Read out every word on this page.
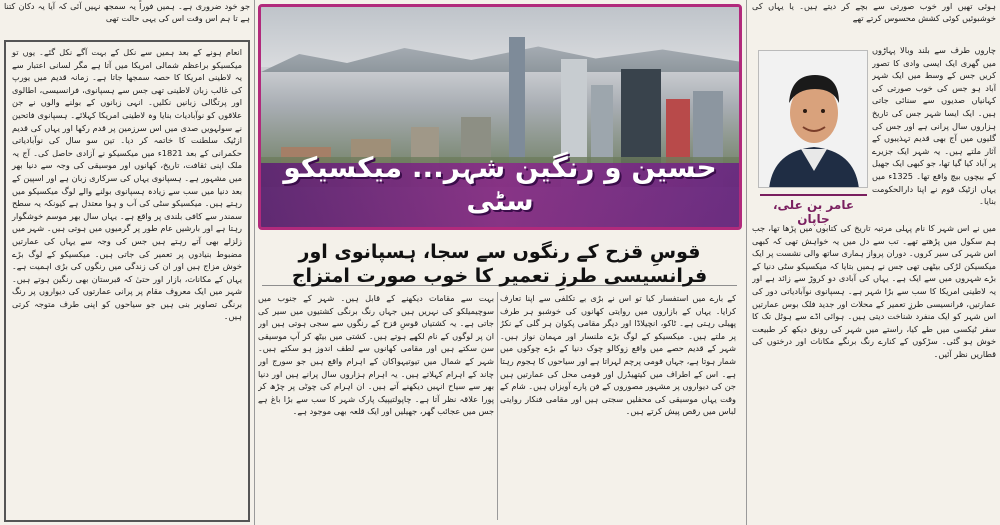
جو خود ضروری ہے۔ ہمیں فوراً یہ سمجھ نہیں آئی کہ آیا یہ دکان کتنا ہے تا ہم اس وقت اس کی یہی حالت تھی
ہوئی تھیں اور خوب صورتی سے بچے کر دیتے ہیں۔ یا یہاں کی خوشبوئیں کوئی کشش محسوس کرتے تھے
انعام ہونے کے بعد ہمیں سے نکل کے بہت آگے نکل گئے۔ یوں تو میکسیکو براعظم شمالی امریکا میں آتا ہے مگر لسانی اعتبار سے یہ لاطینی امریکا کا حصہ سمجھا جاتا ہے۔ زمانہ قدیم میں یورپ کی غالب زبان لاطینی تھی جس سے ہسپانوی، فرانسیسی، اطالوی اور پرتگالی زبانیں نکلیں۔ انہی زبانوں کے بولنے والوں نے جن علاقوں کو نوآبادیات بنایا وہ لاطینی امریکا کہلائے۔ ہسپانوی فاتحین نے سولہویں صدی میں اس سرزمین پر قدم رکھا اور یہاں کی قدیم ازٹیک سلطنت کا خاتمہ کر دیا۔ تین سو سال کی نوآبادیاتی حکمرانی کے بعد 1821ء میں میکسیکو نے آزادی حاصل کی۔ آج یہ ملک اپنی ثقافت، تاریخ، کھانوں اور موسیقی کی وجہ سے دنیا بھر میں مشہور ہے۔ ہسپانوی یہاں کی سرکاری زبان ہے اور اسپین کے بعد دنیا میں سب سے زیادہ ہسپانوی بولنے والے لوگ میکسیکو میں رہتے ہیں۔ میکسیکو سٹی کی آب و ہوا معتدل ہے کیونکہ یہ سطح سمندر سے کافی بلندی پر واقع ہے۔ یہاں سال بھر موسم خوشگوار رہتا ہے اور بارشیں عام طور پر گرمیوں میں ہوتی ہیں۔ شہر میں زلزلے بھی آتے رہتے ہیں جس کی وجہ سے یہاں کی عمارتیں مضبوط بنیادوں پر تعمیر کی جاتی ہیں۔ میکسیکو کے لوگ بڑے خوش مزاج ہیں اور ان کی زندگی میں رنگوں کی بڑی اہمیت ہے۔ یہاں کے مکانات، بازار اور حتیٰ کہ قبرستان بھی رنگین ہوتے ہیں۔ شہر میں ایک معروف مقام پر پرانی عمارتوں کی دیواروں پر رنگ برنگی تصاویر بنی ہیں جو سیاحوں کو اپنی طرف متوجہ کرتی ہیں۔
حسین و رنگین شہر... میکسیکو سٹی
قوسِ قزح کے رنگوں سے سجا، ہسپانوی اور فرانسیسی طرزِ تعمیر کا خوب صورت امتزاج
کے بارے میں استفسار کیا تو اس نے بڑی بے تکلفی سے اپنا تعارف کرایا۔ یہاں کے بازاروں میں روایتی کھانوں کی خوشبو ہر طرف پھیلی رہتی ہے۔ ٹاکو، انچیلاڈا اور دیگر مقامی پکوان ہر گلی کے نکڑ پر ملتے ہیں۔ میکسیکو کے لوگ بڑے ملنسار اور مہمان نواز ہیں۔ شہر کے قدیم حصے میں واقع زوکالو چوک دنیا کے بڑے چوکوں میں شمار ہوتا ہے، جہاں قومی پرچم لہراتا ہے اور سیاحوں کا ہجوم رہتا ہے۔ اس کے اطراف میں کیتھیڈرل اور قومی محل کی عمارتیں ہیں جن کی دیواروں پر مشہور مصوروں کے فن پارے آویزاں ہیں۔ شام کے وقت یہاں موسیقی کی محفلیں سجتی ہیں اور مقامی فنکار روایتی لباس میں رقص پیش کرتے ہیں۔
بہت سے مقامات دیکھنے کے قابل ہیں۔ شہر کے جنوب میں سوچیمیلکو کی نہریں ہیں جہاں رنگ برنگی کشتیوں میں سیر کی جاتی ہے۔ یہ کشتیاں قوسِ قزح کے رنگوں سے سجی ہوتی ہیں اور ان پر لوگوں کے نام لکھے ہوتے ہیں۔ کشتی میں بیٹھ کر آپ موسیقی سن سکتے ہیں اور مقامی کھانوں سے لطف اندوز ہو سکتے ہیں۔ شہر کے شمال میں تیوتیہواکان کے اہرام واقع ہیں جو سورج اور چاند کے اہرام کہلاتے ہیں۔ یہ اہرام ہزاروں سال پرانے ہیں اور دنیا بھر سے سیاح انہیں دیکھنے آتے ہیں۔ ان اہرام کی چوٹی پر چڑھ کر پورا علاقہ نظر آتا ہے۔ چاپولتیپیک پارک شہر کا سب سے بڑا باغ ہے جس میں عجائب گھر، جھیلیں اور ایک قلعہ بھی موجود ہے۔
چاروں طرف سے بلند وبالا پہاڑوں میں گھری ایک ایسی وادی کا تصور کریں جس کے وسط میں ایک شہر آباد ہو جس کی خوب صورتی کی کہانیاں صدیوں سے سنائی جاتی ہیں۔ ایک ایسا شہر جس کی تاریخ ہزاروں سال پرانی ہے اور جس کی گلیوں میں آج بھی قدیم تہذیبوں کے آثار ملتے ہیں۔ یہ شہر ایک جزیرے پر آباد کیا گیا تھا، جو کبھی ایک جھیل کے بیچوں بیچ واقع تھا۔ 1325ء میں یہاں ازٹیک قوم نے اپنا دارالحکومت بنایا۔
عامر بن علی، جاپان
میں نے اس شہر کا نام پہلی مرتبہ تاریخ کی کتابوں میں پڑھا تھا، جب ہم سکول میں پڑھتے تھے۔ تب سے دل میں یہ خواہش تھی کہ کبھی اس شہر کی سیر کروں۔ دوران پرواز ہماری ساتھ والی نشست پر ایک میکسیکن لڑکی بیٹھی تھی جس نے ہمیں بتایا کہ میکسیکو سٹی دنیا کے بڑے شہروں میں سے ایک ہے۔ یہاں کی آبادی دو کروڑ سے زائد ہے اور یہ لاطینی امریکا کا سب سے بڑا شہر ہے۔ ہسپانوی نوآبادیاتی دور کی عمارتیں، فرانسیسی طرزِ تعمیر کے محلات اور جدید فلک بوس عمارتیں اس شہر کو ایک منفرد شناخت دیتی ہیں۔ ہوائی اڈے سے ہوٹل تک کا سفر ٹیکسی میں طے کیا، راستے میں شہر کی رونق دیکھ کر طبیعت خوش ہو گئی۔ سڑکوں کے کنارے رنگ برنگے مکانات اور درختوں کی قطاریں نظر آئیں۔
